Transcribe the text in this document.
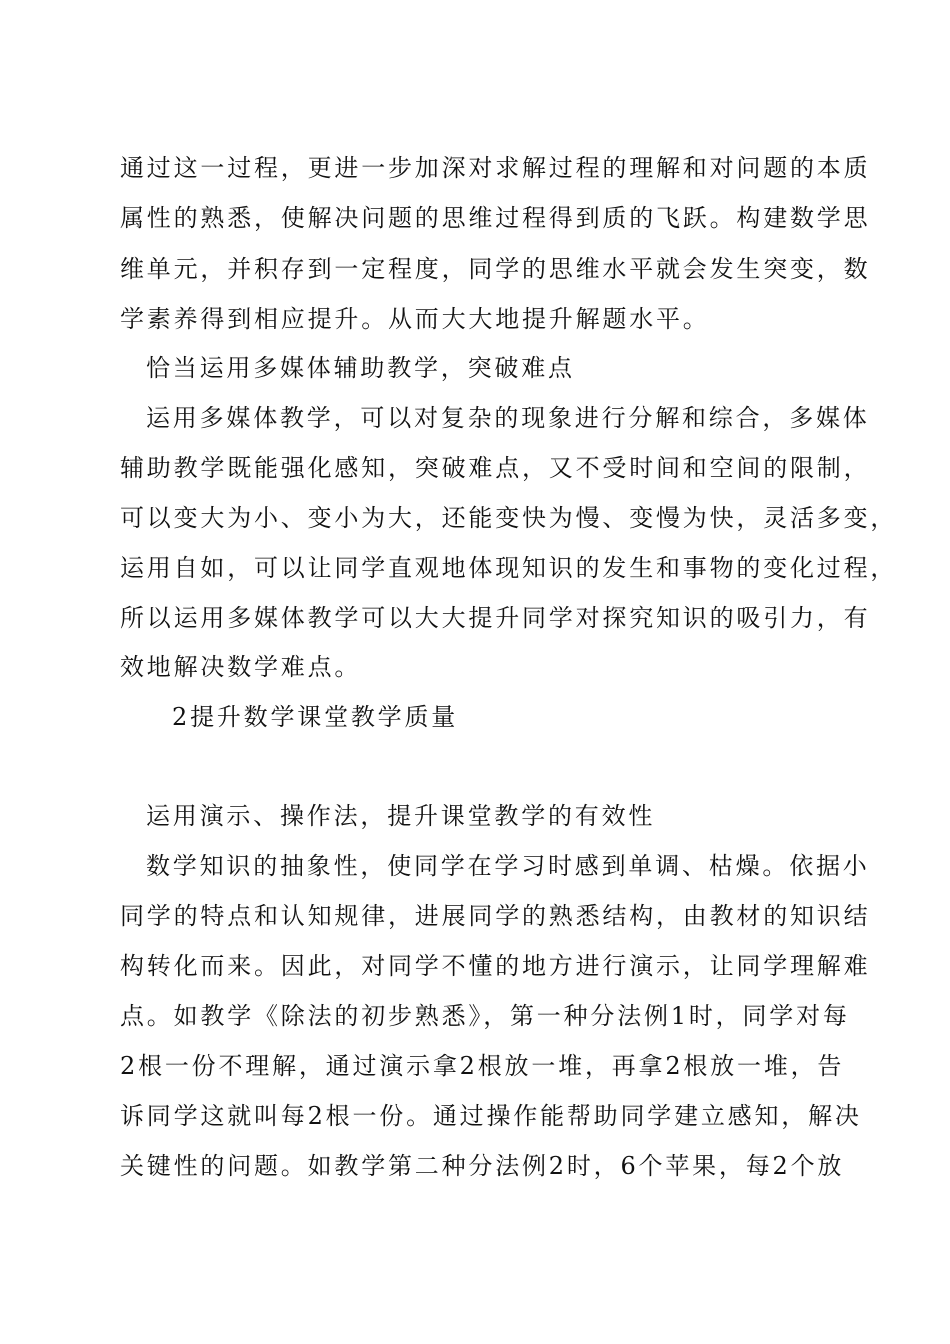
通过这一过程，更进一步加深对求解过程的理解和对问题的本质

属性的熟悉，使解决问题的思维过程得到质的飞跃。构建数学思

维单元，并积存到一定程度，同学的思维水平就会发生突变，数

学素养得到相应提升。从而大大地提升解题水平。

恰当运用多媒体辅助教学，突破难点

运用多媒体教学，可以对复杂的现象进行分解和综合，多媒体

辅助教学既能强化感知，突破难点，又不受时间和空间的限制，

可以变大为小、变小为大，还能变快为慢、变慢为快，灵活多变，

运用自如，可以让同学直观地体现知识的发生和事物的变化过程，

所以运用多媒体教学可以大大提升同学对探究知识的吸引力，有

效地解决数学难点。

2提升数学课堂教学质量

运用演示、操作法，提升课堂教学的有效性

数学知识的抽象性，使同学在学习时感到单调、枯燥。依据小

同学的特点和认知规律，进展同学的熟悉结构，由教材的知识结

构转化而来。因此，对同学不懂的地方进行演示，让同学理解难

点。如教学《除法的初步熟悉》，第一种分法例1时，同学对每

2根一份不理解，通过演示拿2根放一堆，再拿2根放一堆，告

诉同学这就叫每2根一份。通过操作能帮助同学建立感知，解决

关键性的问题。如教学第二种分法例2时，6个苹果，每2个放
